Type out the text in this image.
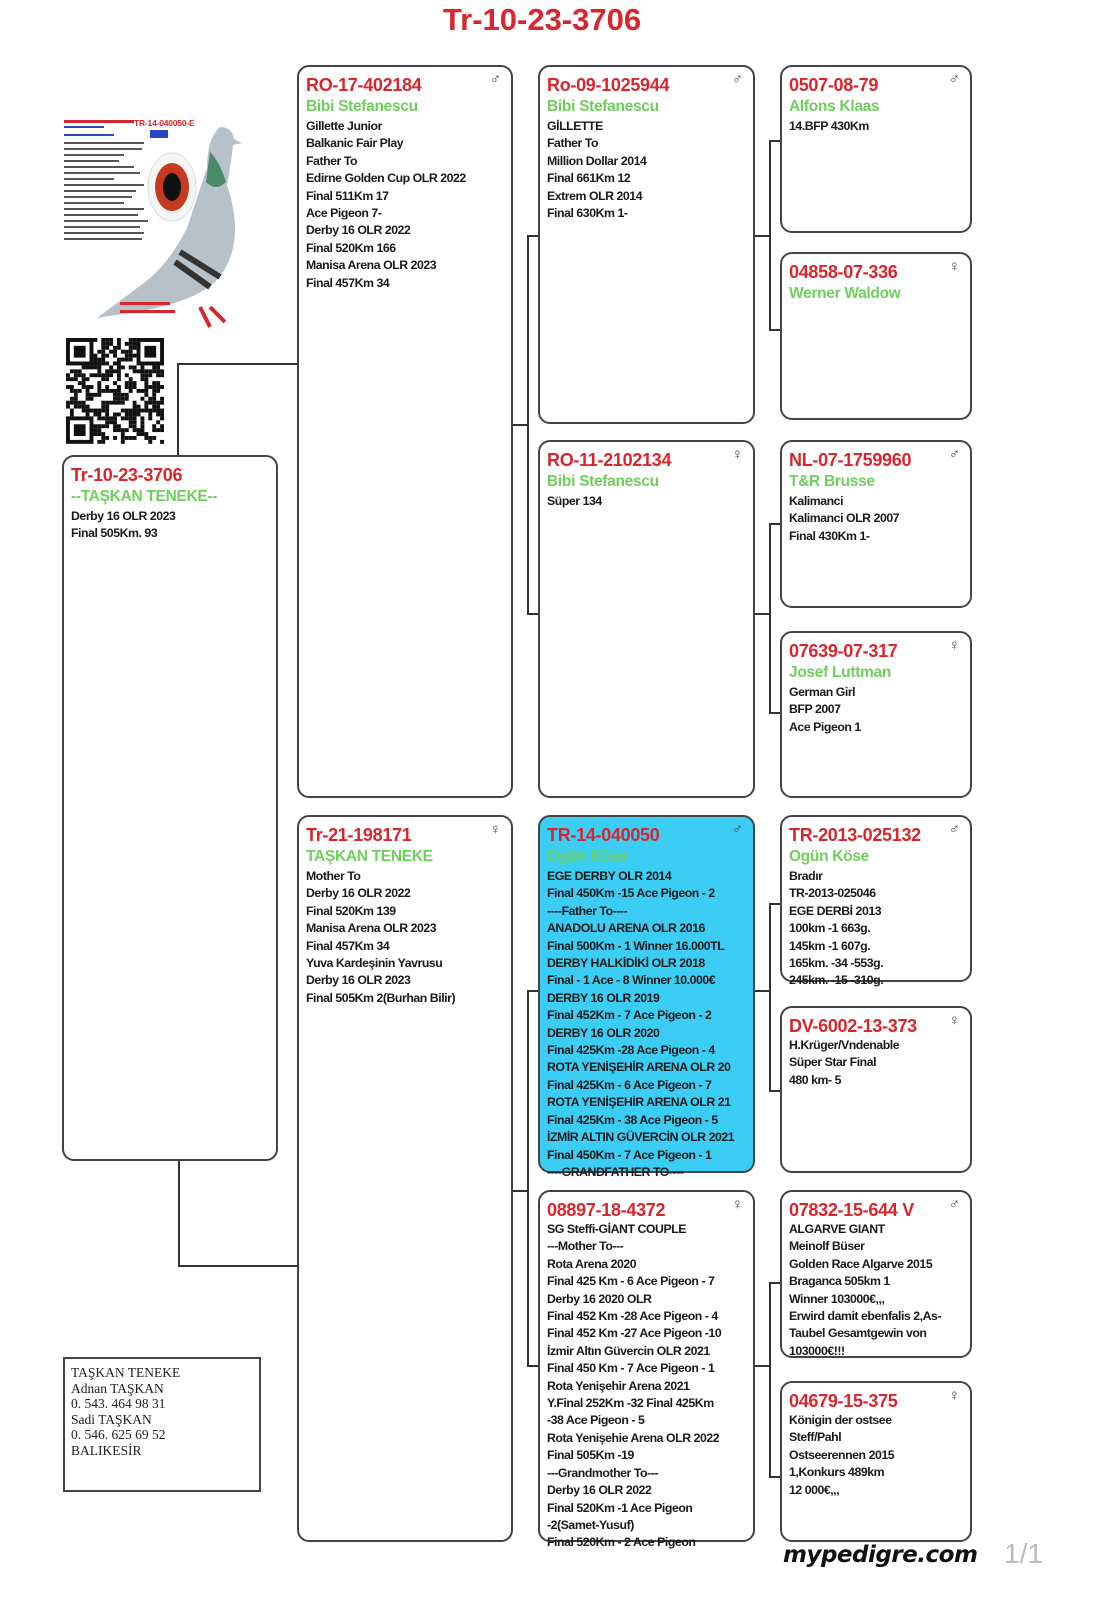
Tr-10-23-3706
TR-14-040050-E
Tr-10-23-3706
--TAŞKAN TENEKE--
Derby 16 OLR 2023
Final 505Km. 93
RO-17-402184
Bibi Stefanescu
Gillette Junior
Balkanic Fair Play
Father To
Edirne Golden Cup OLR 2022
Final 511Km 17
Ace Pigeon 7-
Derby 16 OLR 2022
Final 520Km 166
Manisa Arena OLR 2023
Final 457Km 34
♂
Tr-21-198171
TAŞKAN TENEKE
Mother To
Derby 16 OLR 2022
Final 520Km 139
Manisa Arena OLR 2023
Final 457Km 34
Yuva Kardeşinin Yavrusu
Derby 16 OLR 2023
Final 505Km 2(Burhan Bilir)
♀
Ro-09-1025944
Bibi Stefanescu
GİLLETTE
Father To
Million Dollar 2014
Final 661Km 12
Extrem OLR 2014
Final 630Km 1-
♂
RO-11-2102134
Bibi Stefanescu
Süper 134
♀
TR-14-040050
Ogün Köse
EGE DERBY OLR 2014
Final 450Km -15 Ace Pigeon - 2
----Father To----
ANADOLU ARENA OLR 2016
Final 500Km - 1 Winner 16.000TL
DERBY HALKİDİKİ OLR 2018
Final - 1 Ace - 8 Winner 10.000€
DERBY 16 OLR 2019
Final 452Km - 7 Ace Pigeon - 2
DERBY 16 OLR 2020
Final 425Km -28 Ace Pigeon - 4
ROTA YENİŞEHİR ARENA OLR 20
Final 425Km - 6 Ace Pigeon - 7
ROTA YENİŞEHİR ARENA OLR 21
Final 425Km - 38 Ace Pigeon - 5
İZMİR ALTIN GÜVERCİN OLR 2021
Final 450Km - 7 Ace Pigeon - 1
----GRANDFATHER TO----
♂
08897-18-4372
SG Steffi-GİANT COUPLE
---Mother To---
Rota Arena 2020
Final 425 Km - 6 Ace Pigeon - 7
Derby 16 2020 OLR
Final 452 Km -28 Ace Pigeon - 4
Final 452 Km -27 Ace Pigeon -10
İzmir Altın Güvercin OLR 2021
Final 450 Km - 7 Ace Pigeon - 1
Rota Yenişehir Arena 2021
Y.Final 252Km -32 Final 425Km
-38 Ace Pigeon - 5
Rota Yenişehie Arena OLR 2022
Final 505Km -19
---Grandmother To---
Derby 16 OLR 2022
Final 520Km -1 Ace Pigeon
-2(Samet-Yusuf)
Final 520Km - 2 Ace Pigeon
♀
0507-08-79
Alfons Klaas
14.BFP 430Km
♂
04858-07-336
Werner Waldow
♀
NL-07-1759960
T&R Brusse
Kalimanci
Kalimanci OLR 2007
Final 430Km 1-
♂
07639-07-317
Josef Luttman
German Girl
BFP 2007
Ace Pigeon 1
♀
TR-2013-025132
Ogün Köse
Bradır
TR-2013-025046
EGE DERBİ 2013
100km -1 663g.
145km -1 607g.
165km. -34 -553g.
245km. -15 -310g.
♂
DV-6002-13-373
H.Krüger/Vndenable
Süper Star Final
480 km- 5
♀
07832-15-644 V
ALGARVE GIANT
Meinolf Büser
Golden Race Algarve 2015
Braganca 505km 1
Winner 103000€,,,
Erwird damit ebenfalis 2,As-
Taubel Gesamtgewin von
103000€!!!
♂
04679-15-375
Königin der ostsee
Steff/Pahl
Ostseerennen 2015
1,Konkurs 489km
12 000€,,,
♀
TAŞKAN TENEKE
Adnan TAŞKAN
0. 543. 464 98 31
Sadi TAŞKAN
0. 546. 625 69 52
BALIKESİR
mypedigre.com 1/1
